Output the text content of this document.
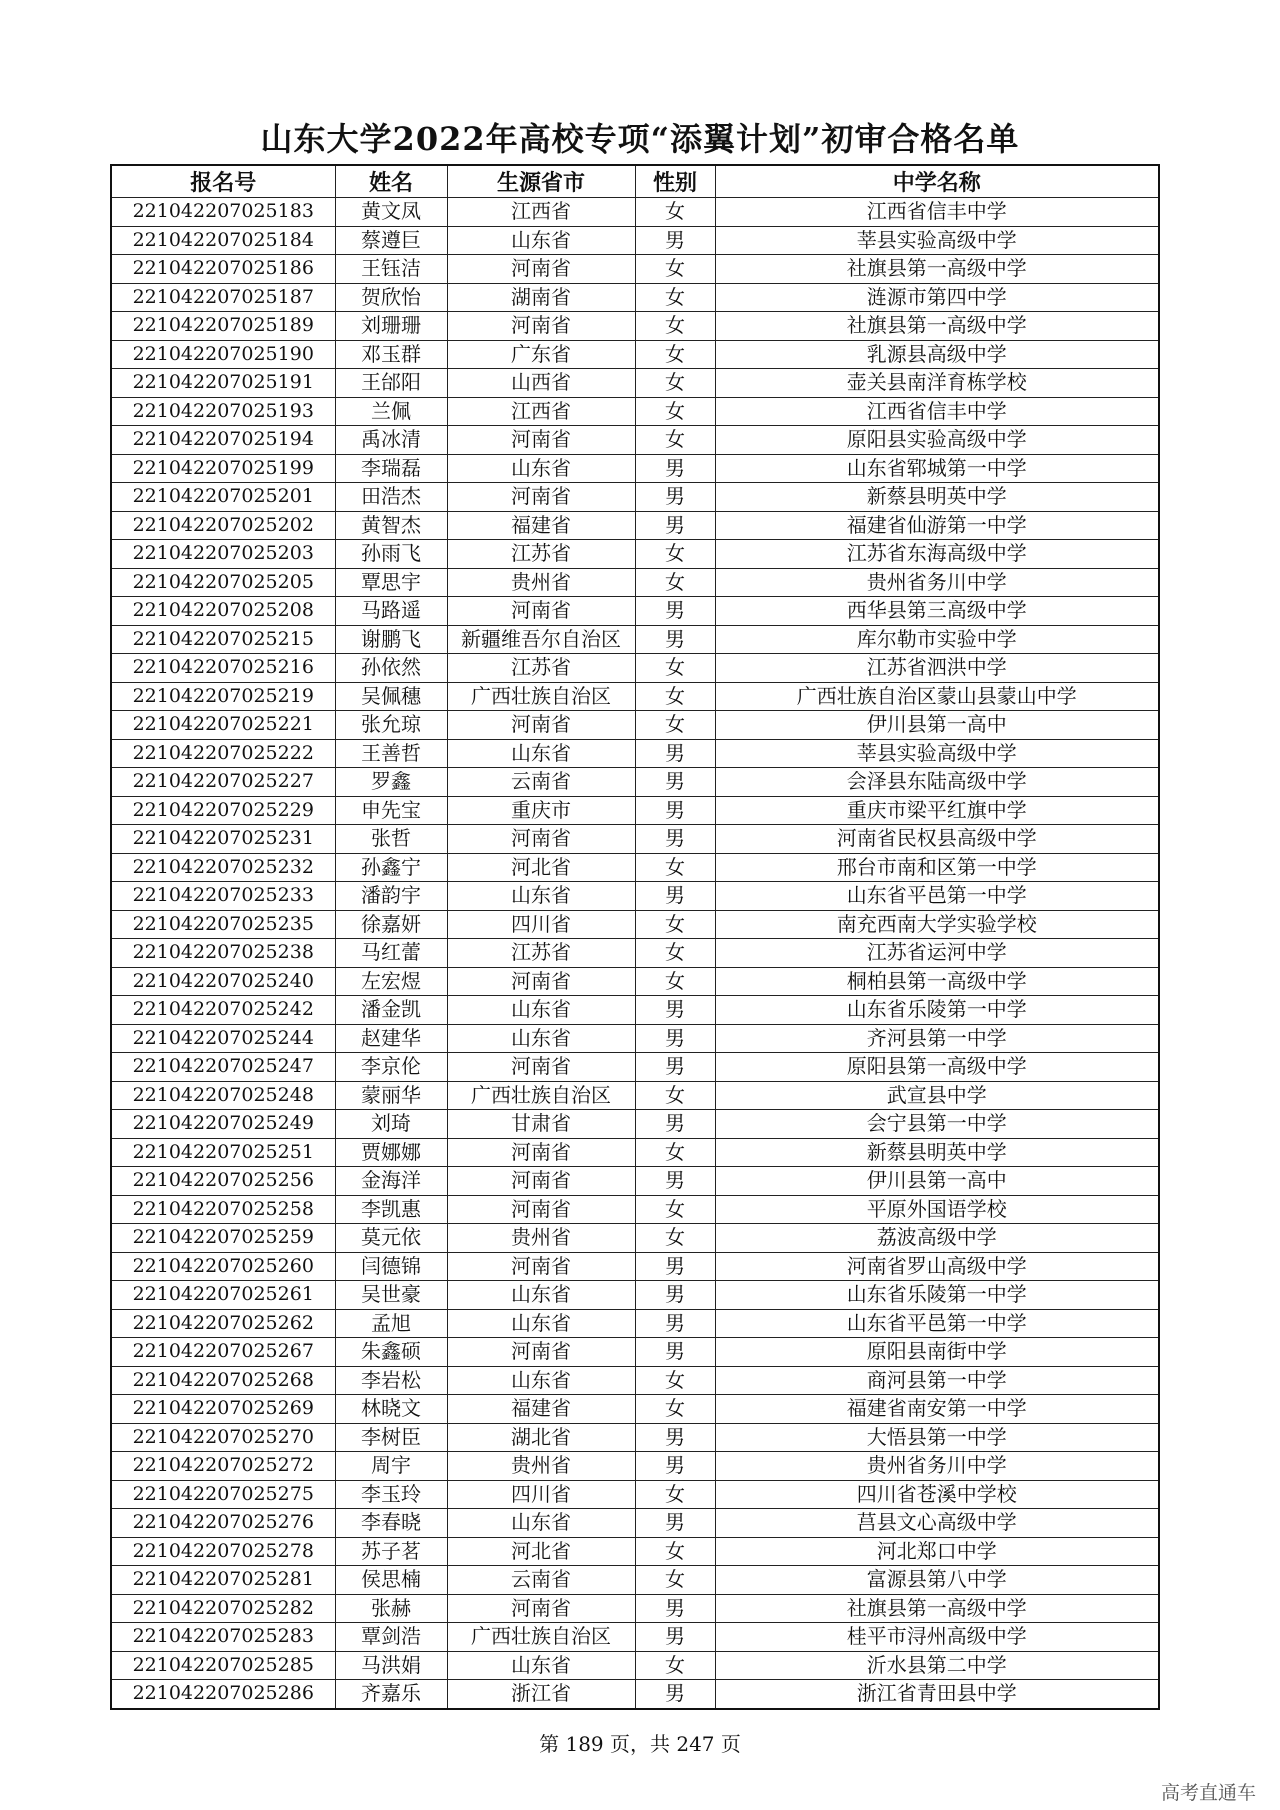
山东大学2022年高校专项“添翼计划”初审合格名单
报名号	姓名	生源省市	性别	中学名称
221042207025183	黄文凤	江西省	女	江西省信丰中学
221042207025184	蔡遵巨	山东省	男	莘县实验高级中学
221042207025186	王钰洁	河南省	女	社旗县第一高级中学
221042207025187	贺欣怡	湖南省	女	涟源市第四中学
221042207025189	刘珊珊	河南省	女	社旗县第一高级中学
221042207025190	邓玉群	广东省	女	乳源县高级中学
221042207025191	王邰阳	山西省	女	壶关县南洋育栋学校
221042207025193	兰佩	江西省	女	江西省信丰中学
221042207025194	禹冰清	河南省	女	原阳县实验高级中学
221042207025199	李瑞磊	山东省	男	山东省郓城第一中学
221042207025201	田浩杰	河南省	男	新蔡县明英中学
221042207025202	黄智杰	福建省	男	福建省仙游第一中学
221042207025203	孙雨飞	江苏省	女	江苏省东海高级中学
221042207025205	覃思宇	贵州省	女	贵州省务川中学
221042207025208	马路遥	河南省	男	西华县第三高级中学
221042207025215	谢鹏飞	新疆维吾尔自治区	男	库尔勒市实验中学
221042207025216	孙依然	江苏省	女	江苏省泗洪中学
221042207025219	吴佩穗	广西壮族自治区	女	广西壮族自治区蒙山县蒙山中学
221042207025221	张允琼	河南省	女	伊川县第一高中
221042207025222	王善哲	山东省	男	莘县实验高级中学
221042207025227	罗鑫	云南省	男	会泽县东陆高级中学
221042207025229	申先宝	重庆市	男	重庆市梁平红旗中学
221042207025231	张哲	河南省	男	河南省民权县高级中学
221042207025232	孙鑫宁	河北省	女	邢台市南和区第一中学
221042207025233	潘韵宇	山东省	男	山东省平邑第一中学
221042207025235	徐嘉妍	四川省	女	南充西南大学实验学校
221042207025238	马红蕾	江苏省	女	江苏省运河中学
221042207025240	左宏煜	河南省	女	桐柏县第一高级中学
221042207025242	潘金凯	山东省	男	山东省乐陵第一中学
221042207025244	赵建华	山东省	男	齐河县第一中学
221042207025247	李京伦	河南省	男	原阳县第一高级中学
221042207025248	蒙丽华	广西壮族自治区	女	武宣县中学
221042207025249	刘琦	甘肃省	男	会宁县第一中学
221042207025251	贾娜娜	河南省	女	新蔡县明英中学
221042207025256	金海洋	河南省	男	伊川县第一高中
221042207025258	李凯惠	河南省	女	平原外国语学校
221042207025259	莫元依	贵州省	女	荔波高级中学
221042207025260	闫德锦	河南省	男	河南省罗山高级中学
221042207025261	吴世豪	山东省	男	山东省乐陵第一中学
221042207025262	孟旭	山东省	男	山东省平邑第一中学
221042207025267	朱鑫硕	河南省	男	原阳县南街中学
221042207025268	李岩松	山东省	女	商河县第一中学
221042207025269	林晓文	福建省	女	福建省南安第一中学
221042207025270	李树臣	湖北省	男	大悟县第一中学
221042207025272	周宇	贵州省	男	贵州省务川中学
221042207025275	李玉玲	四川省	女	四川省苍溪中学校
221042207025276	李春晓	山东省	男	莒县文心高级中学
221042207025278	苏子茗	河北省	女	河北郑口中学
221042207025281	侯思楠	云南省	女	富源县第八中学
221042207025282	张赫	河南省	男	社旗县第一高级中学
221042207025283	覃剑浩	广西壮族自治区	男	桂平市浔州高级中学
221042207025285	马洪娟	山东省	女	沂水县第二中学
221042207025286	齐嘉乐	浙江省	男	浙江省青田县中学
第 189 页，共 247 页
高考直通车
